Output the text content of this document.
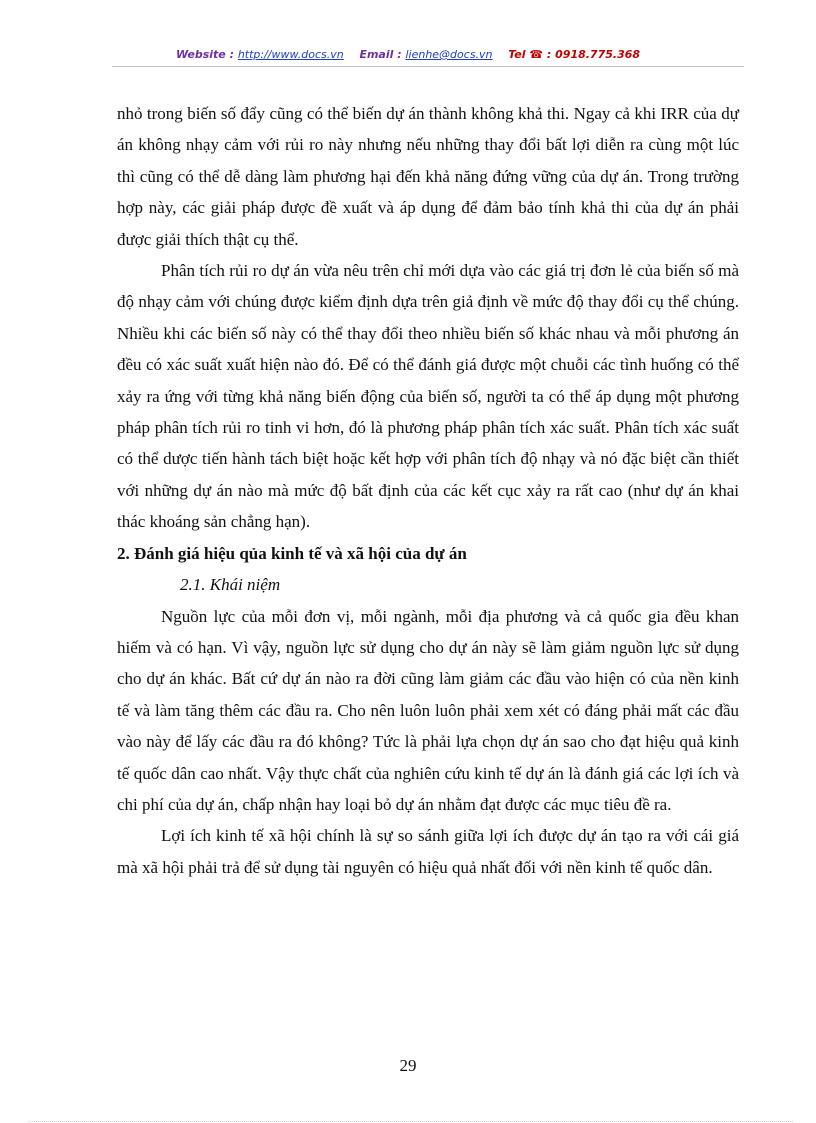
Website : http://www.docs.vn Email : lienhe@docs.vn Tel ☎ : 0918.775.368

nhỏ trong biến số đẩy cũng có thể biến dự án thành không khả thi. Ngay cả khi IRR của dự án không nhạy cảm với rủi ro này nhưng nếu những thay đổi bất lợi diễn ra cùng một lúc thì cũng có thể dễ dàng làm phương hại đến khả năng đứng vững của dự án. Trong trường hợp này, các giải pháp được đề xuất và áp dụng để đảm bảo tính khả thi của dự án phải được giải thích thật cụ thể.

Phân tích rủi ro dự án vừa nêu trên chỉ mới dựa vào các giá trị đơn lẻ của biến số mà độ nhạy cảm với chúng được kiểm định dựa trên giả định về mức độ thay đổi cụ thể chúng. Nhiều khi các biến số này có thể thay đổi theo nhiều biến số khác nhau và mỗi phương án đều có xác suất xuất hiện nào đó. Để có thể đánh giá được một chuỗi các tình huống có thể xảy ra ứng với từng khả năng biến động của biến số, người ta có thể áp dụng một phương pháp phân tích rủi ro tinh vi hơn, đó là phương pháp phân tích xác suất. Phân tích xác suất có thể dược tiến hành tách biệt hoặc kết hợp với phân tích độ nhạy và nó đặc biệt cần thiết với những dự án nào mà mức độ bất định của các kết cục xảy ra rất cao (như dự án khai thác khoáng sản chẳng hạn).

2. Đánh giá hiệu qủa kinh tế và xã hội của dự án

2.1. Khái niệm

Nguồn lực của mỗi đơn vị, mỗi ngành, mỗi địa phương và cả quốc gia đều khan hiếm và có hạn. Vì vậy, nguồn lực sử dụng cho dự án này sẽ làm giảm nguồn lực sử dụng cho dự án khác. Bất cứ dự án nào ra đời cũng làm giảm các đầu vào hiện có của nền kinh tế và làm tăng thêm các đầu ra. Cho nên luôn luôn phải xem xét có đáng phải mất các đầu vào này để lấy các đầu ra đó không? Tức là phải lựa chọn dự án sao cho đạt hiệu quả kinh tế quốc dân cao nhất. Vậy thực chất của nghiên cứu kinh tế dự án là đánh giá các lợi ích và chi phí của dự án, chấp nhận hay loại bỏ dự án nhằm đạt được các mục tiêu đề ra.

Lợi ích kinh tế xã hội chính là sự so sánh giữa lợi ích được dự án tạo ra với cái giá mà xã hội phải trả để sử dụng tài nguyên có hiệu quả nhất đối với nền kinh tế quốc dân.

29
